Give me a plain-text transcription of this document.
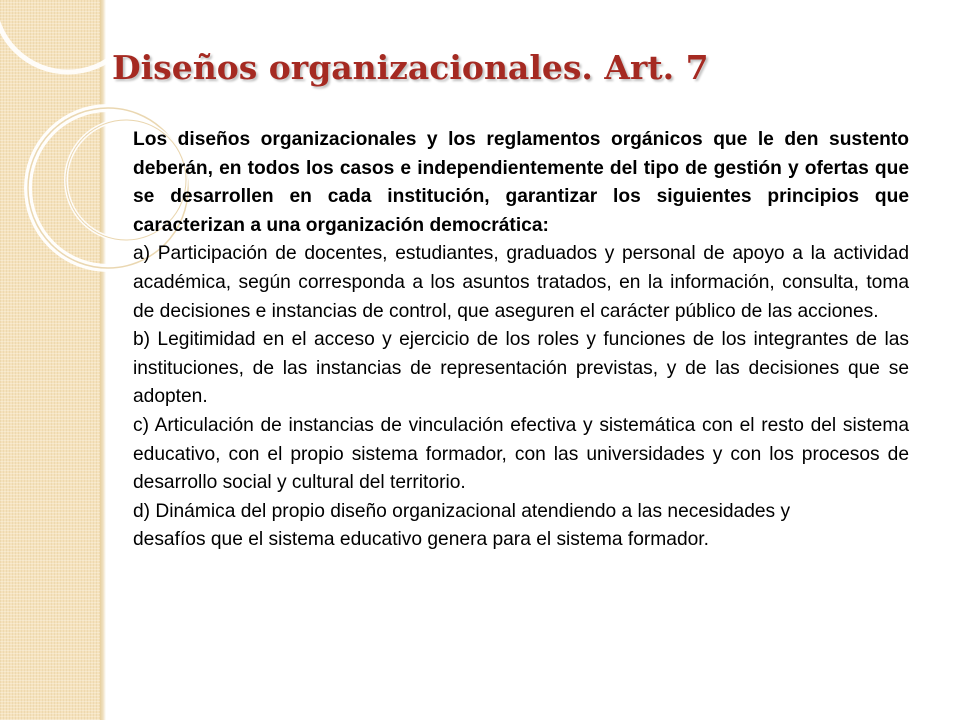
Diseños organizacionales. Art. 7

Los diseños organizacionales y los reglamentos orgánicos que le den sustento deberán, en todos los casos e independientemente del tipo de gestión y ofertas que se desarrollen en cada institución, garantizar los siguientes principios que caracterizan a una organización democrática:

a) Participación de docentes, estudiantes, graduados y personal de apoyo a la actividad académica, según corresponda a los asuntos tratados, en la información, consulta, toma de decisiones e instancias de control, que aseguren el carácter público de las acciones.

b) Legitimidad en el acceso y ejercicio de los roles y funciones de los integrantes de las instituciones, de las instancias de representación previstas, y de las decisiones que se adopten.

c) Articulación de instancias de vinculación efectiva y sistemática con el resto del sistema educativo, con el propio sistema formador, con las universidades y con los procesos de desarrollo social y cultural del territorio.

d) Dinámica del propio diseño organizacional atendiendo a las necesidades y

desafíos que el sistema educativo genera para el sistema formador.
